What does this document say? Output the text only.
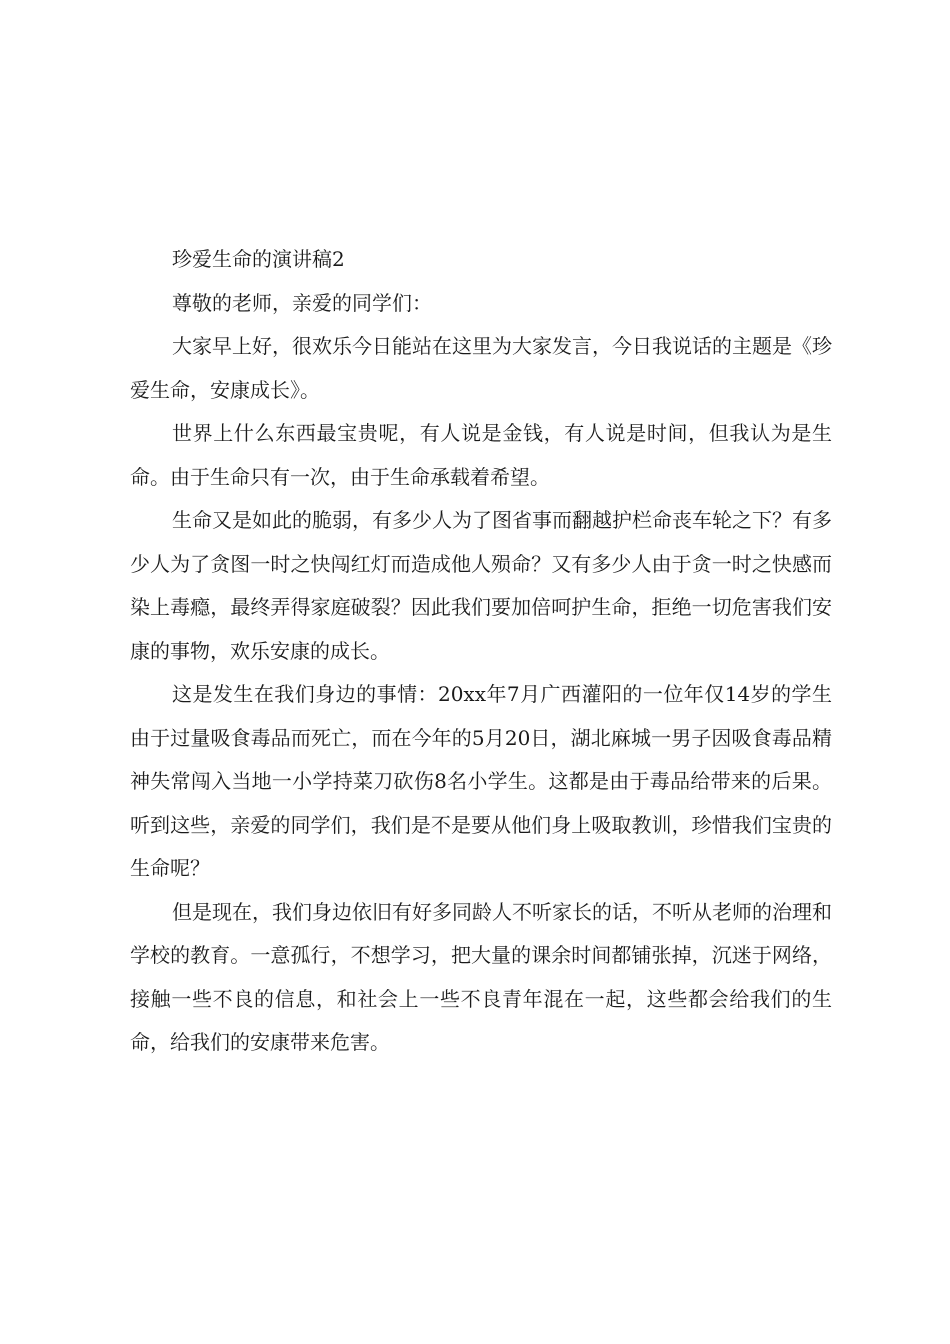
珍爱生命的演讲稿2

尊敬的老师，亲爱的同学们：

大家早上好，很欢乐今日能站在这里为大家发言，今日我说话的主题是《珍爱生命，安康成长》。

世界上什么东西最宝贵呢，有人说是金钱，有人说是时间，但我认为是生命。由于生命只有一次，由于生命承载着希望。

生命又是如此的脆弱，有多少人为了图省事而翻越护栏命丧车轮之下？有多少人为了贪图一时之快闯红灯而造成他人殒命？又有多少人由于贪一时之快感而染上毒瘾，最终弄得家庭破裂？因此我们要加倍呵护生命，拒绝一切危害我们安康的事物，欢乐安康的成长。

这是发生在我们身边的事情：20xx年7月广西灌阳的一位年仅14岁的学生由于过量吸食毒品而死亡，而在今年的5月20日，湖北麻城一男子因吸食毒品精神失常闯入当地一小学持菜刀砍伤8名小学生。这都是由于毒品给带来的后果。听到这些，亲爱的同学们，我们是不是要从他们身上吸取教训，珍惜我们宝贵的生命呢？

但是现在，我们身边依旧有好多同龄人不听家长的话，不听从老师的治理和学校的教育。一意孤行，不想学习，把大量的课余时间都铺张掉，沉迷于网络，接触一些不良的信息，和社会上一些不良青年混在一起，这些都会给我们的生命，给我们的安康带来危害。
